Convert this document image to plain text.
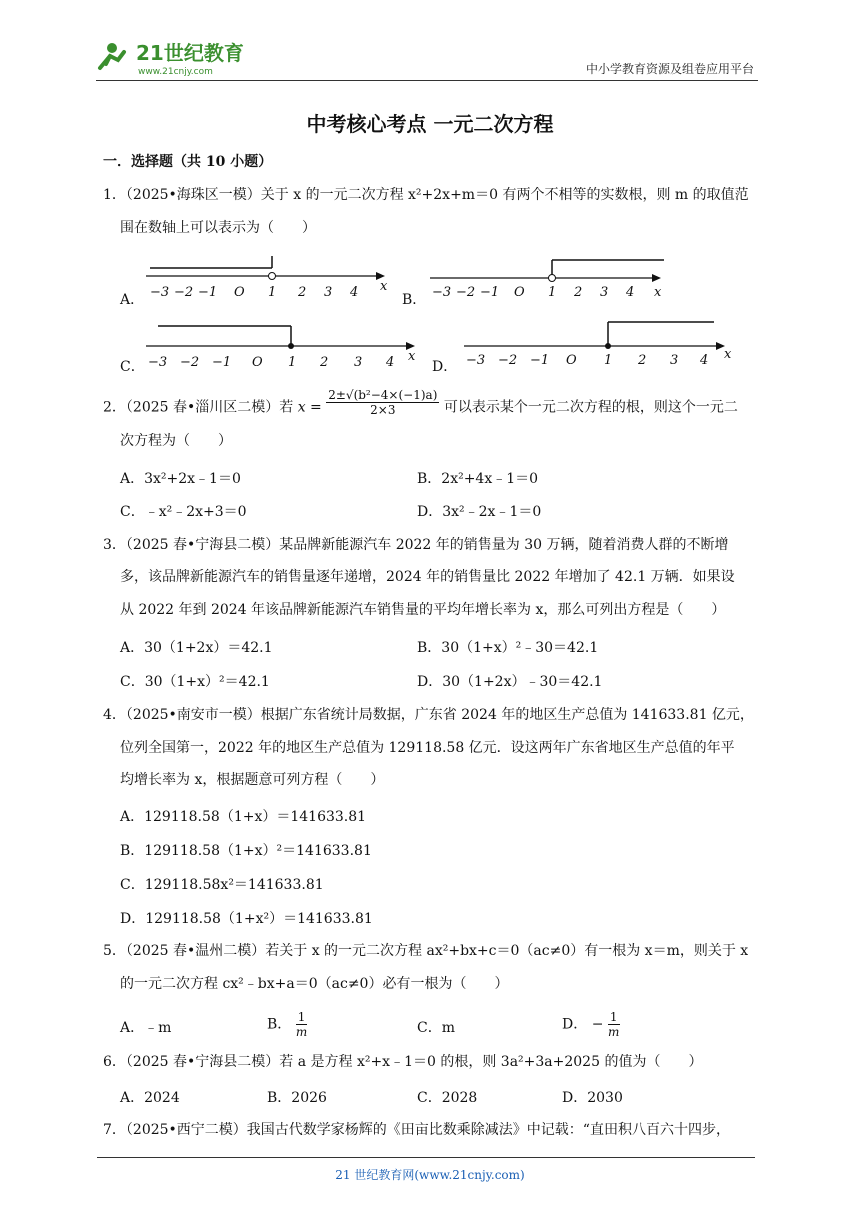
21世纪教育
www.21cnjy.com	中小学教育资源及组卷应用平台
中考核心考点 一元二次方程
一．选择题（共 10 小题）
1．（2025•海珠区一模）关于 x 的一元二次方程 x²+2x+m＝0 有两个不相等的实数根，则 m 的取值范
围在数轴上可以表示为（　　）
A． −3 −2 −1 O 1 2 3 4 x
B． −3 −2 −1 O 1 2 3 4 x
C． −3 −2 −1 O 1 2 3 4 x
D． −3 −2 −1 O 1 2 3 4 x
2．（2025 春•淄川区二模）若 $x = \frac{\text{2±√(b²−4×(−1)a)}}{2\times 3}$ 可以表示某个一元二次方程的根，则这个一元二
次方程为（　　）
A．3x²+2x﹣1＝0	B．2x²+4x﹣1＝0
C．﹣x²﹣2x+3＝0	D．3x²﹣2x﹣1＝0
3．（2025 春•宁海县二模）某品牌新能源汽车 2022 年的销售量为 30 万辆，随着消费人群的不断增
多，该品牌新能源汽车的销售量逐年递增，2024 年的销售量比 2022 年增加了 42.1 万辆．如果设
从 2022 年到 2024 年该品牌新能源汽车销售量的平均年增长率为 x，那么可列出方程是（　　）
A．30（1+2x）＝42.1	B．30（1+x）²﹣30＝42.1
C．30（1+x）²＝42.1	D．30（1+2x）﹣30＝42.1
4．（2025•南安市一模）根据广东省统计局数据，广东省 2024 年的地区生产总值为 141633.81 亿元，
位列全国第一，2022 年的地区生产总值为 129118.58 亿元．设这两年广东省地区生产总值的年平
均增长率为 x，根据题意可列方程（　　）
A．129118.58（1+x）＝141633.81
B．129118.58（1+x）²＝141633.81
C．129118.58x²＝141633.81
D．129118.58（1+x²）＝141633.81
5．（2025 春•温州二模）若关于 x 的一元二次方程 ax²+bx+c＝0（ac≠0）有一根为 x＝m，则关于 x
的一元二次方程 cx²﹣bx+a＝0（ac≠0）必有一根为（　　）
A．﹣m	B． $\frac{1}{m}$	C．m	D． − $\frac{1}{m}$
6．（2025 春•宁海县二模）若 a 是方程 x²+x﹣1＝0 的根，则 3a²+3a+2025 的值为（　　）
A．2024	B．2026	C．2028	D．2030
7．（2025•西宁二模）我国古代数学家杨辉的《田亩比数乘除减法》中记载：“直田积八百六十四步，
21 世纪教育网(www.21cnjy.com)
